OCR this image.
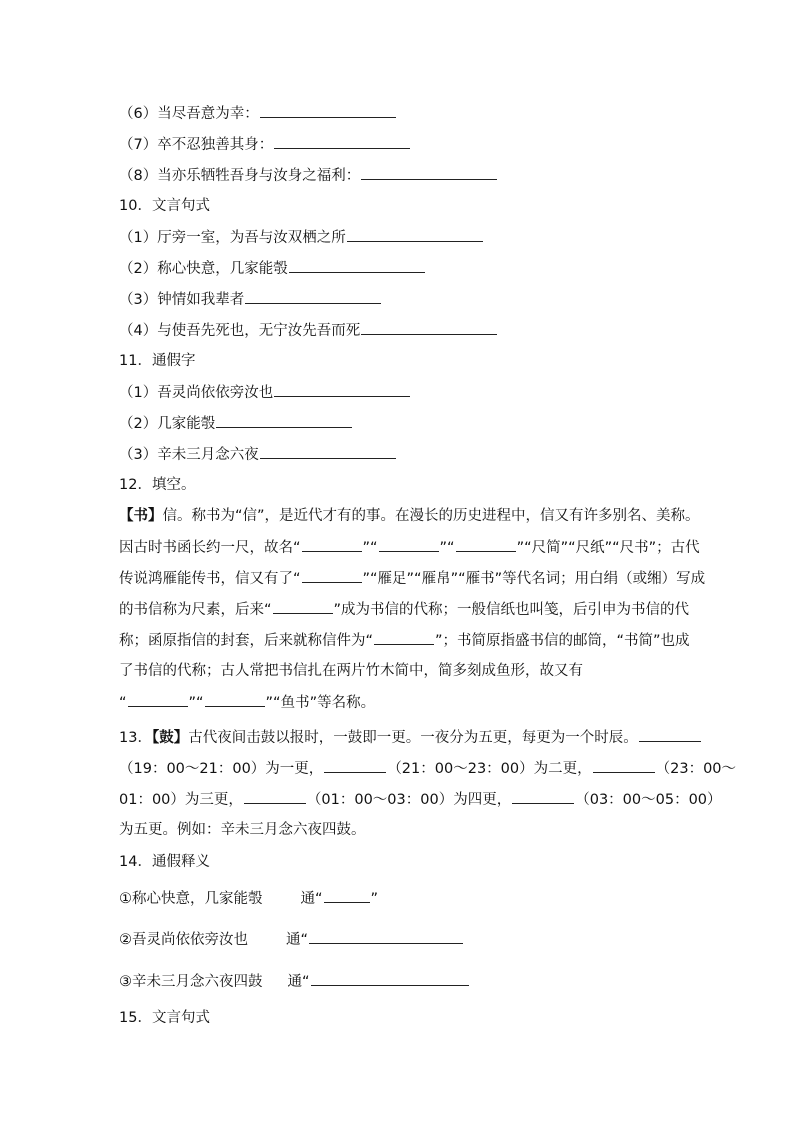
（6）当尽吾意为幸：
（7）卒不忍独善其身：
（8）当亦乐牺牲吾身与汝身之福利：
10．文言句式
（1）厅旁一室，为吾与汝双栖之所
（2）称心快意，几家能彀
（3）钟情如我辈者
（4）与使吾先死也，无宁汝先吾而死
11．通假字
（1）吾灵尚依依旁汝也
（2）几家能彀
（3）辛未三月念六夜
12．填空。
【书】信。称书为“信”，是近代才有的事。在漫长的历史进程中，信又有许多别名、美称。
因古时书函长约一尺，故名“	”“	”“	”“尺简”“尺纸”“尺书”；古代
传说鸿雁能传书，信又有了“	”“雁足”“雁帛”“雁书”等代名词；用白绢（或缃）写成
的书信称为尺素，后来“	”成为书信的代称；一般信纸也叫笺，后引申为书信的代
称；函原指信的封套，后来就称信件为“	”；书简原指盛书信的邮筒，“书简”也成
了书信的代称；古人常把书信扎在两片竹木简中，简多刻成鱼形，故又有
“	”“	”“鱼书”等名称。
13．【鼓】古代夜间击鼓以报时，一鼓即一更。一夜分为五更，每更为一个时辰。
（19：00～21：00）为一更，	（21：00～23：00）为二更，	（23：00～
01：00）为三更，	（01：00～03：00）为四更，	（03：00～05：00）
为五更。例如：辛未三月念六夜四鼓。
14．通假释义
①称心快意，几家能彀	通“	”
②吾灵尚依依旁汝也	通“
③辛未三月念六夜四鼓 通“
15．文言句式
